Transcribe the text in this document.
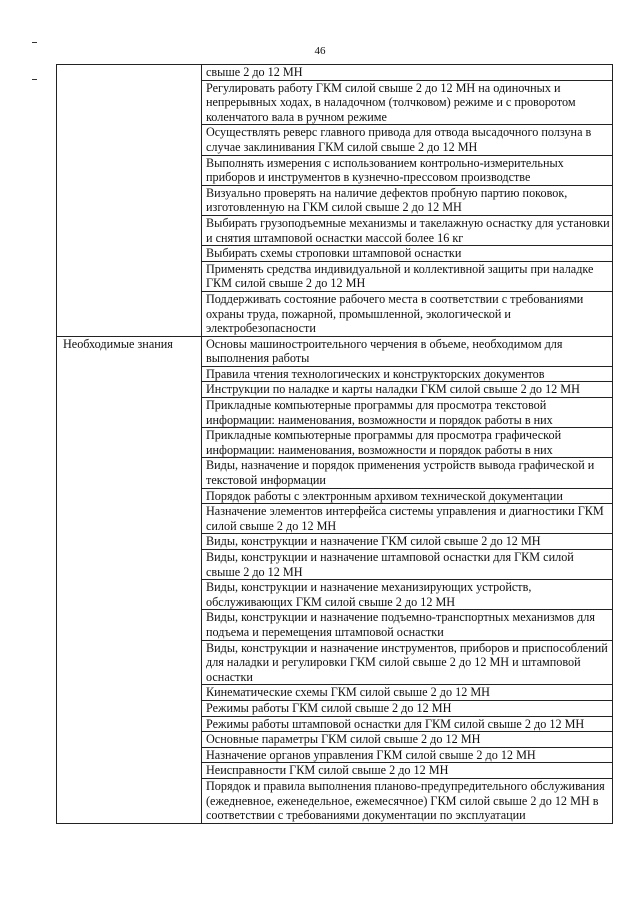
46
	свыше 2 до 12 МН
	Регулировать работу ГКМ силой свыше 2 до 12 МН на одиночных и непрерывных ходах, в наладочном (толчковом) режиме и с проворотом коленчатого вала в ручном режиме
	Осуществлять реверс главного привода для отвода высадочного ползуна в случае заклинивания ГКМ силой свыше 2 до 12 МН
	Выполнять измерения с использованием контрольно-измерительных приборов и инструментов в кузнечно-прессовом производстве
	Визуально проверять на наличие дефектов пробную партию поковок, изготовленную на ГКМ силой свыше 2 до 12 МН
	Выбирать грузоподъемные механизмы и такелажную оснастку для установки и снятия штамповой оснастки массой более 16 кг
	Выбирать схемы строповки штамповой оснастки
	Применять средства индивидуальной и коллективной защиты при наладке ГКМ силой свыше 2 до 12 МН
	Поддерживать состояние рабочего места в соответствии с требованиями охраны труда, пожарной, промышленной, экологической и электробезопасности
Необходимые знания	Основы машиностроительного черчения в объеме, необходимом для выполнения работы
	Правила чтения технологических и конструкторских документов
	Инструкции по наладке и карты наладки ГКМ силой свыше 2 до 12 МН
	Прикладные компьютерные программы для просмотра текстовой информации: наименования, возможности и порядок работы в них
	Прикладные компьютерные программы для просмотра графической информации: наименования, возможности и порядок работы в них
	Виды, назначение и порядок применения устройств вывода графической и текстовой информации
	Порядок работы с электронным архивом технической документации
	Назначение элементов интерфейса системы управления и диагностики ГКМ силой свыше 2 до 12 МН
	Виды, конструкции и назначение ГКМ силой свыше 2 до 12 МН
	Виды, конструкции и назначение штамповой оснастки для ГКМ силой свыше 2 до 12 МН
	Виды, конструкции и назначение механизирующих устройств, обслуживающих ГКМ силой свыше 2 до 12 МН
	Виды, конструкции и назначение подъемно-транспортных механизмов для подъема и перемещения штамповой оснастки
	Виды, конструкции и назначение инструментов, приборов и приспособлений для наладки и регулировки ГКМ силой свыше 2 до 12 МН и штамповой оснастки
	Кинематические схемы ГКМ силой свыше 2 до 12 МН
	Режимы работы ГКМ силой свыше 2 до 12 МН
	Режимы работы штамповой оснастки для ГКМ силой свыше 2 до 12 МН
	Основные параметры ГКМ силой свыше 2 до 12 МН
	Назначение органов управления ГКМ силой свыше 2 до 12 МН
	Неисправности ГКМ силой свыше 2 до 12 МН
	Порядок и правила выполнения планово-предупредительного обслуживания (ежедневное, еженедельное, ежемесячное) ГКМ силой свыше 2 до 12 МН в соответствии с требованиями документации по эксплуатации
